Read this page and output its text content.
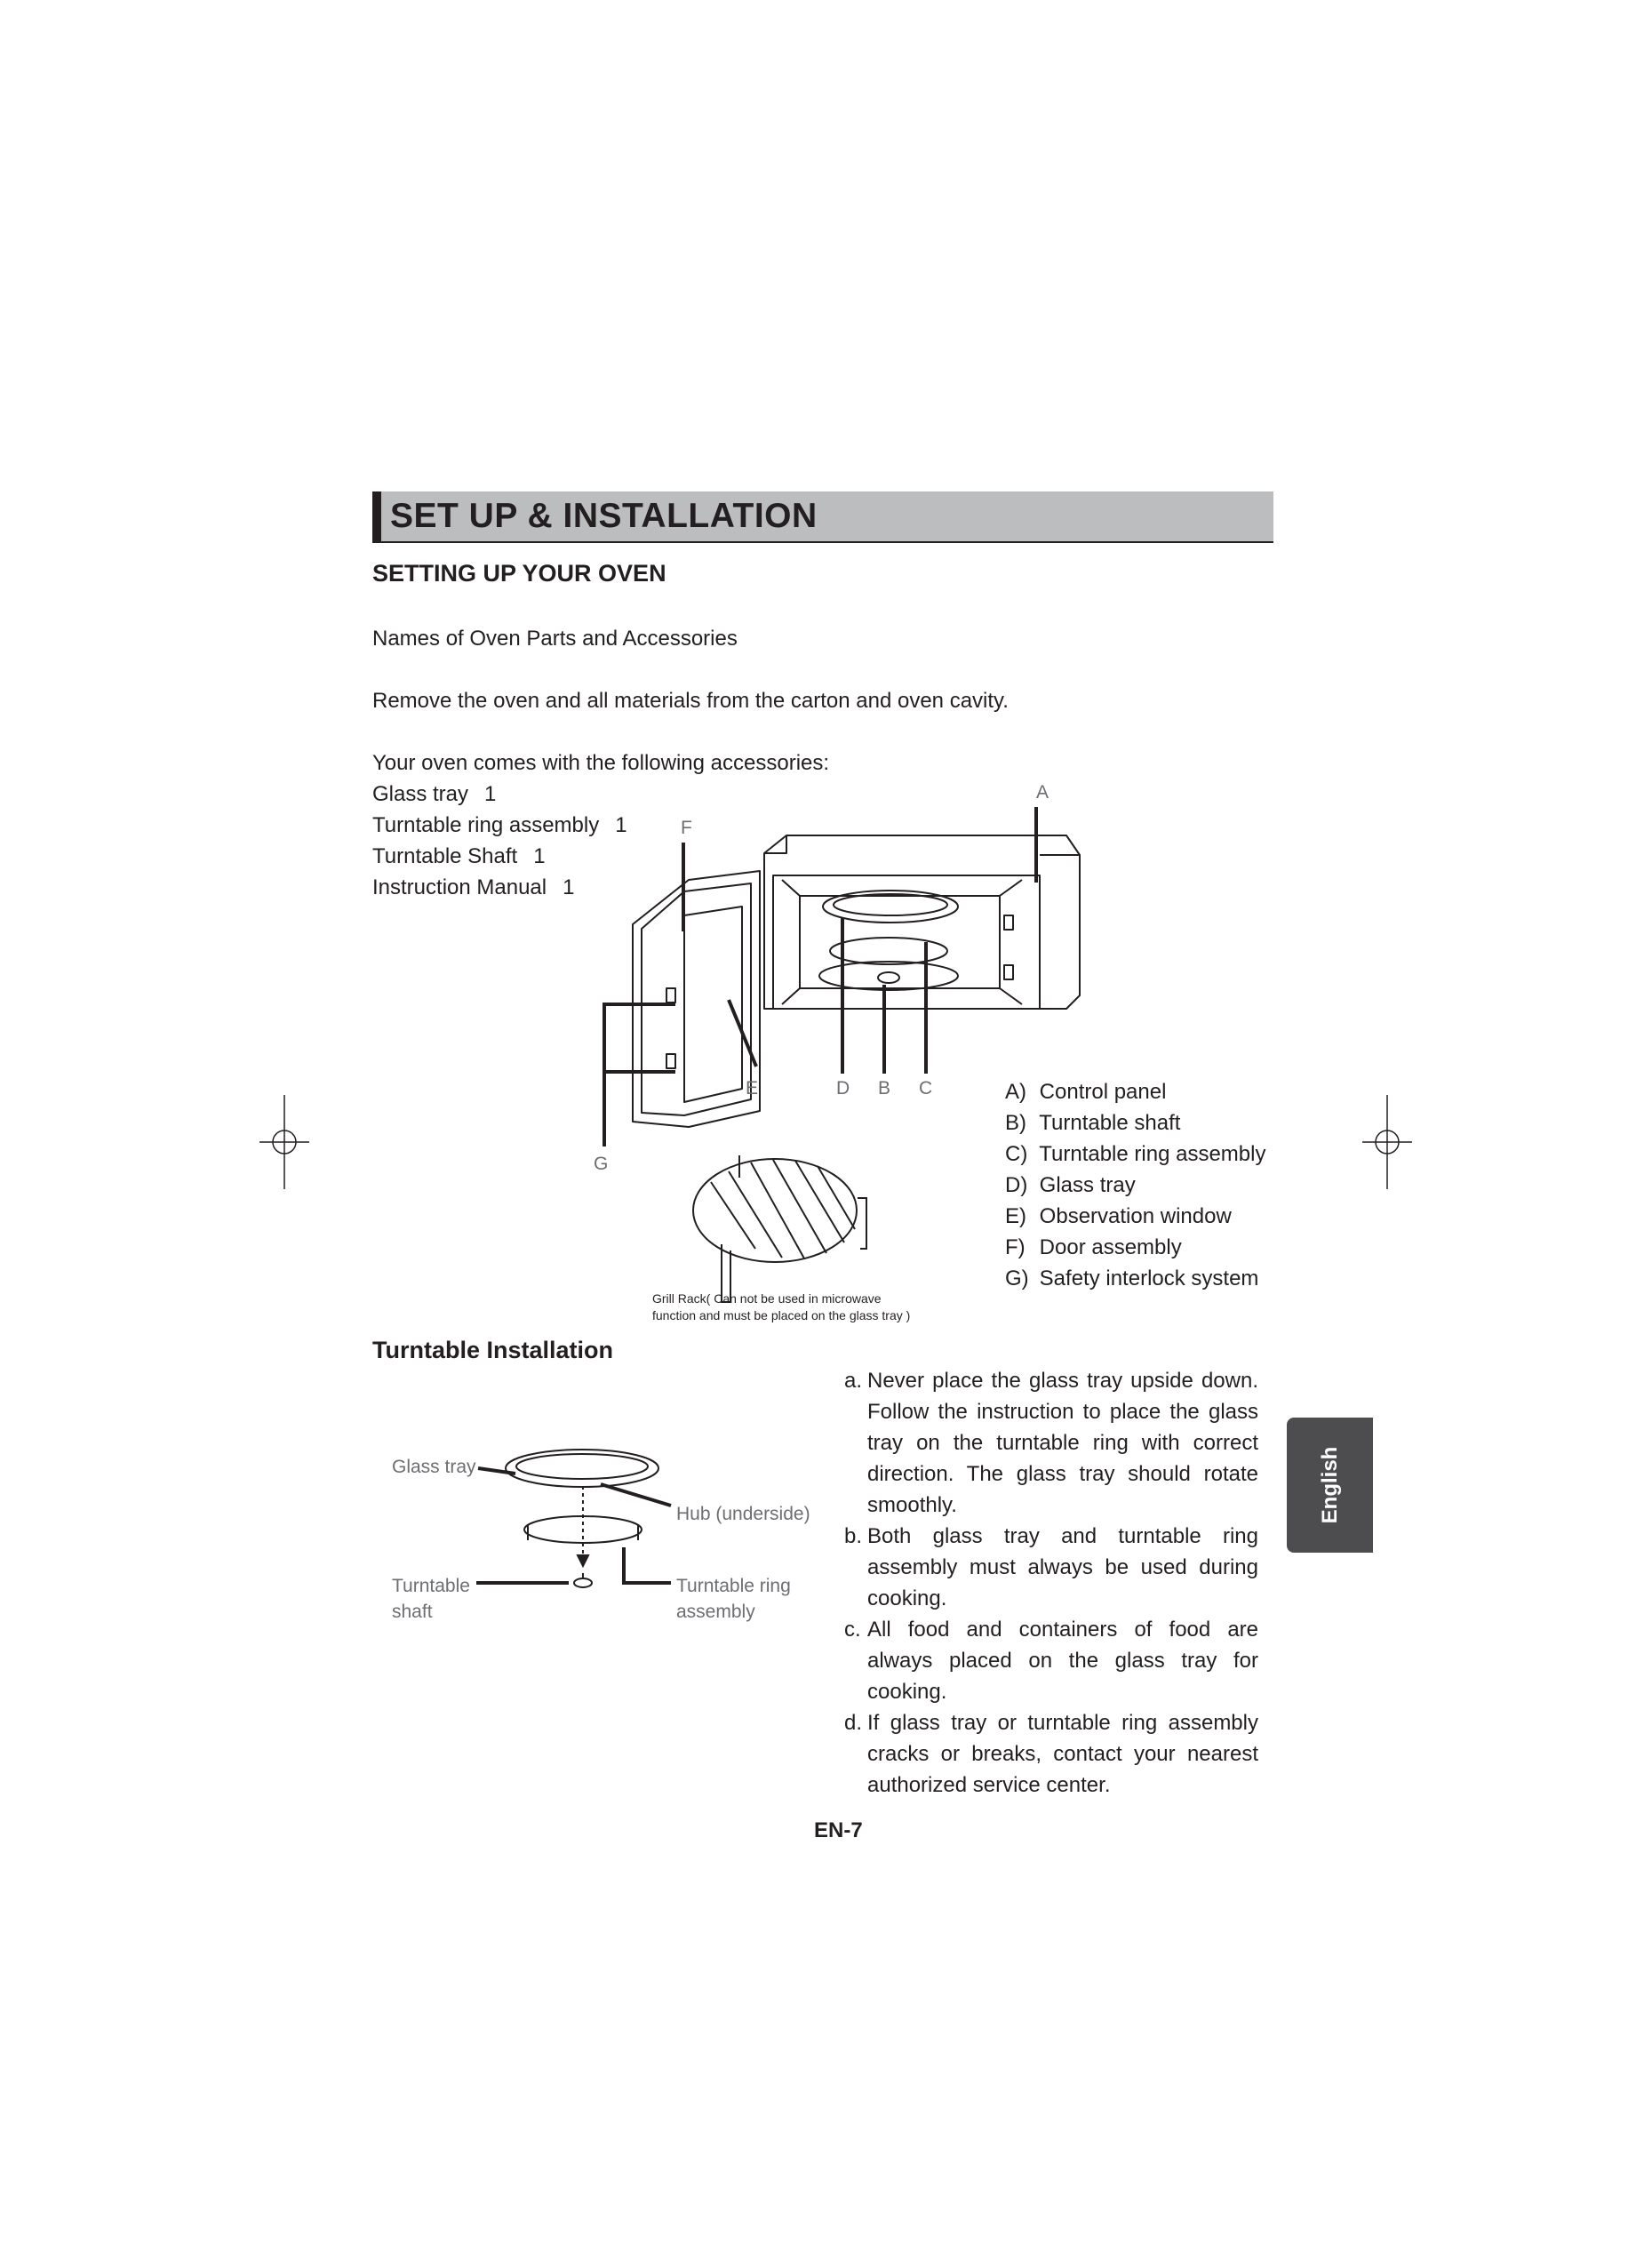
SET UP & INSTALLATION
SETTING UP YOUR OVEN

Names of Oven Parts and Accessories

Remove the oven and all materials from the carton and oven cavity.

Your oven comes with the following accessories:

Glass tray 1
Turntable ring assembly 1
Turntable Shaft 1
Instruction Manual 1
A
F
E	D B C
G
A) Control panel
B) Turntable shaft
C) Turntable ring assembly
D) Glass tray
E) Observation window
F) Door assembly
G) Safety interlock system
Grill Rack( Can not be used in microwave
function and must be placed on the glass tray )
Turntable Installation
Glass tray
Hub (underside)
Turntable
shaft
Turntable ring
assembly
a. Never place the glass tray upside down. Follow the instruction to place the glass tray on the turntable ring with correct direction. The glass tray should rotate smoothly.
b. Both glass tray and turntable ring assembly must always be used during cooking.
c. All food and containers of food are always placed on the glass tray for cooking.
d. If glass tray or turntable ring assembly cracks or breaks, contact your nearest authorized service center.
English
EN-7
